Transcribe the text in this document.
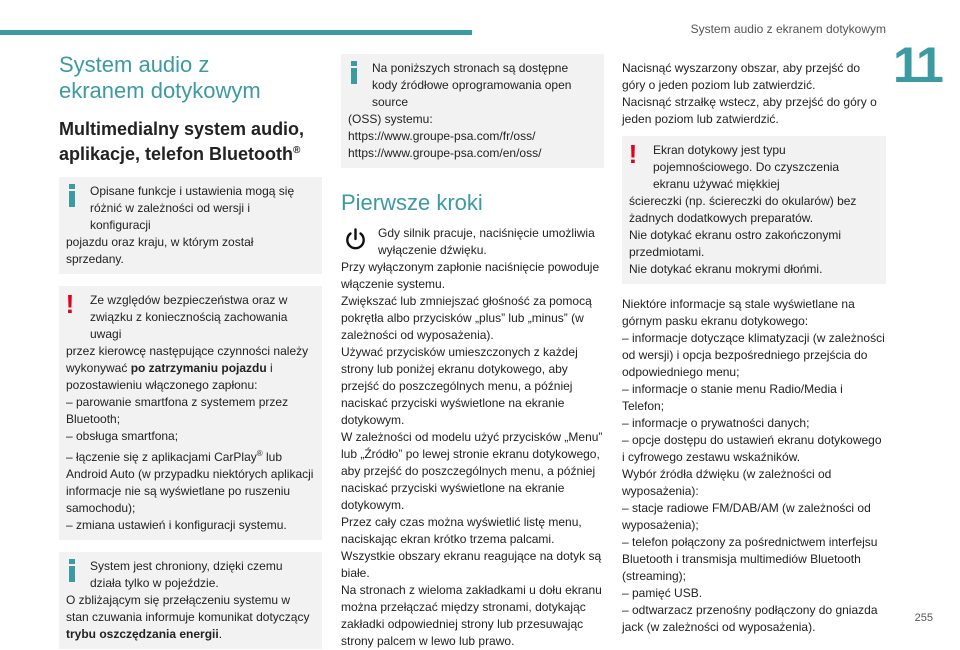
System audio z ekranem dotykowym
11
System audio z ekranem dotykowym
Multimedialny system audio, aplikacje, telefon Bluetooth®

Opisane funkcje i ustawienia mogą się różnić w zależności od wersji i konfiguracji

pojazdu oraz kraju, w którym został sprzedany.

!	Ze względów bezpieczeństwa oraz w związku z koniecznością zachowania uwagi

przez kierowcę następujące czynności należy wykonywać po zatrzymaniu pojazdu i pozostawieniu włączonego zapłonu:

– parowanie smartfona z systemem przez Bluetooth;

– obsługa smartfona;

– łączenie się z aplikacjami CarPlay® lub Android Auto (w przypadku niektórych aplikacji informacje nie są wyświetlane po ruszeniu samochodu);

– zmiana ustawień i konfiguracji systemu.

System jest chroniony, dzięki czemu działa tylko w pojeździe.

O zbliżającym się przełączeniu systemu w stan czuwania informuje komunikat dotyczący trybu oszczędzania energii.

Na poniższych stronach są dostępne kody źródłowe oprogramowania open source

(OSS) systemu:

https://www.groupe-psa.com/fr/oss/

https://www.groupe-psa.com/en/oss/

Pierwsze kroki

Gdy silnik pracuje, naciśnięcie umożliwia wyłączenie dźwięku.

Przy wyłączonym zapłonie naciśnięcie powoduje włączenie systemu.

Zwiększać lub zmniejszać głośność za pomocą pokrętła albo przycisków „plus” lub „minus” (w zależności od wyposażenia).

Używać przycisków umieszczonych z każdej strony lub poniżej ekranu dotykowego, aby przejść do poszczególnych menu, a później naciskać przyciski wyświetlone na ekranie dotykowym.

W zależności od modelu użyć przycisków „Menu” lub „Źródło” po lewej stronie ekranu dotykowego, aby przejść do poszczególnych menu, a później naciskać przyciski wyświetlone na ekranie dotykowym.

Przez cały czas można wyświetlić listę menu, naciskając ekran krótko trzema palcami.

Wszystkie obszary ekranu reagujące na dotyk są białe.

Na stronach z wieloma zakładkami u dołu ekranu można przełączać między stronami, dotykając zakładki odpowiedniej strony lub przesuwając strony palcem w lewo lub prawo.

Nacisnąć wyszarzony obszar, aby przejść do góry o jeden poziom lub zatwierdzić.

Nacisnąć strzałkę wstecz, aby przejść do góry o jeden poziom lub zatwierdzić.

!	Ekran dotykowy jest typu pojemnościowego. Do czyszczenia ekranu używać miękkiej

ściereczki (np. ściereczki do okularów) bez żadnych dodatkowych preparatów.

Nie dotykać ekranu ostro zakończonymi przedmiotami.

Nie dotykać ekranu mokrymi dłońmi.

Niektóre informacje są stale wyświetlane na górnym pasku ekranu dotykowego:

– informacje dotyczące klimatyzacji (w zależności od wersji) i opcja bezpośredniego przejścia do odpowiedniego menu;

– informacje o stanie menu Radio/Media i Telefon;

– informacje o prywatności danych;

– opcje dostępu do ustawień ekranu dotykowego i cyfrowego zestawu wskaźników.

Wybór źródła dźwięku (w zależności od wyposażenia):

– stacje radiowe FM/DAB/AM (w zależności od wyposażenia);

– telefon połączony za pośrednictwem interfejsu Bluetooth i transmisja multimediów Bluetooth (streaming);

– pamięć USB.

– odtwarzacz przenośny podłączony do gniazda jack (w zależności od wyposażenia).

255
